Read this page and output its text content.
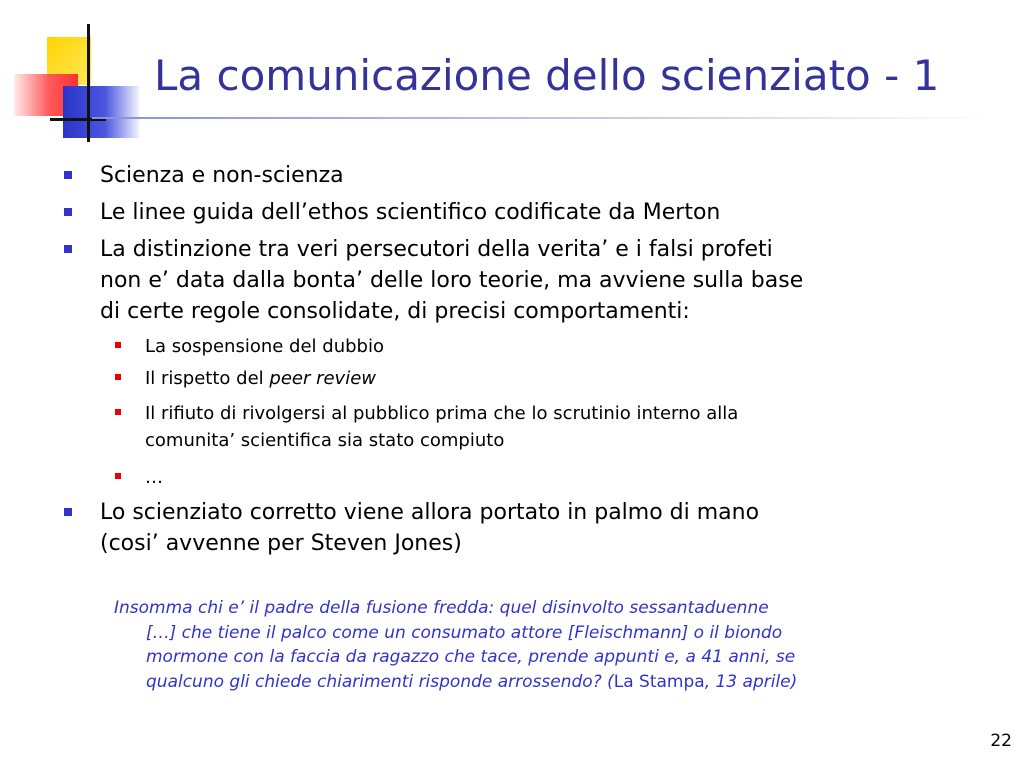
La comunicazione dello scienziato - 1
Scienza e non-scienza
Le linee guida dell’ethos scientifico codificate da Merton
La distinzione tra veri persecutori della verita’ e i falsi profeti
non e’ data dalla bonta’ delle loro teorie, ma avviene sulla base
di certe regole consolidate, di precisi comportamenti:
La sospensione del dubbio
Il rispetto del peer review
Il rifiuto di rivolgersi al pubblico prima che lo scrutinio interno alla
comunita’ scientifica sia stato compiuto
…
Lo scienziato corretto viene allora portato in palmo di mano
(cosi’ avvenne per Steven Jones)
Insomma chi e’ il padre della fusione fredda: quel disinvolto sessantaduenne
[…] che tiene il palco come un consumato attore [Fleischmann] o il biondo
mormone con la faccia da ragazzo che tace, prende appunti e, a 41 anni, se
qualcuno gli chiede chiarimenti risponde arrossendo? (La Stampa, 13 aprile)
22
